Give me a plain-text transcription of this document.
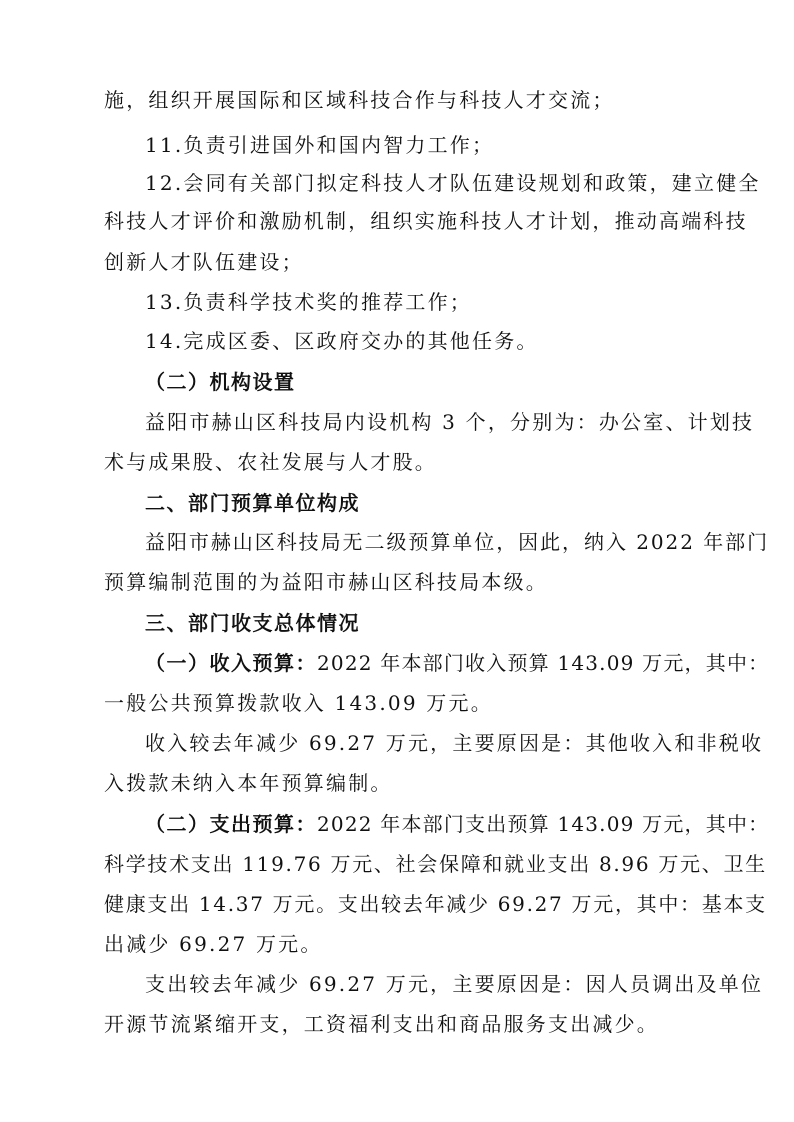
施，组织开展国际和区域科技合作与科技人才交流；
11.负责引进国外和国内智力工作；
12.会同有关部门拟定科技人才队伍建设规划和政策，建立健全
科技人才评价和激励机制，组织实施科技人才计划，推动高端科技
创新人才队伍建设；
13.负责科学技术奖的推荐工作；
14.完成区委、区政府交办的其他任务。
（二）机构设置
益阳市赫山区科技局内设机构 3 个，分别为：办公室、计划技
术与成果股、农社发展与人才股。
二、部门预算单位构成
益阳市赫山区科技局无二级预算单位，因此，纳入 2022 年部门
预算编制范围的为益阳市赫山区科技局本级。
三、部门收支总体情况
（一）收入预算：2022 年本部门收入预算 143.09 万元，其中：
一般公共预算拨款收入 143.09 万元。
收入较去年减少 69.27 万元，主要原因是：其他收入和非税收
入拨款未纳入本年预算编制。
（二）支出预算：2022 年本部门支出预算 143.09 万元，其中：
科学技术支出 119.76 万元、社会保障和就业支出 8.96 万元、卫生
健康支出 14.37 万元。支出较去年减少 69.27 万元，其中：基本支
出减少 69.27 万元。
支出较去年减少 69.27 万元，主要原因是：因人员调出及单位
开源节流紧缩开支，工资福利支出和商品服务支出减少。
